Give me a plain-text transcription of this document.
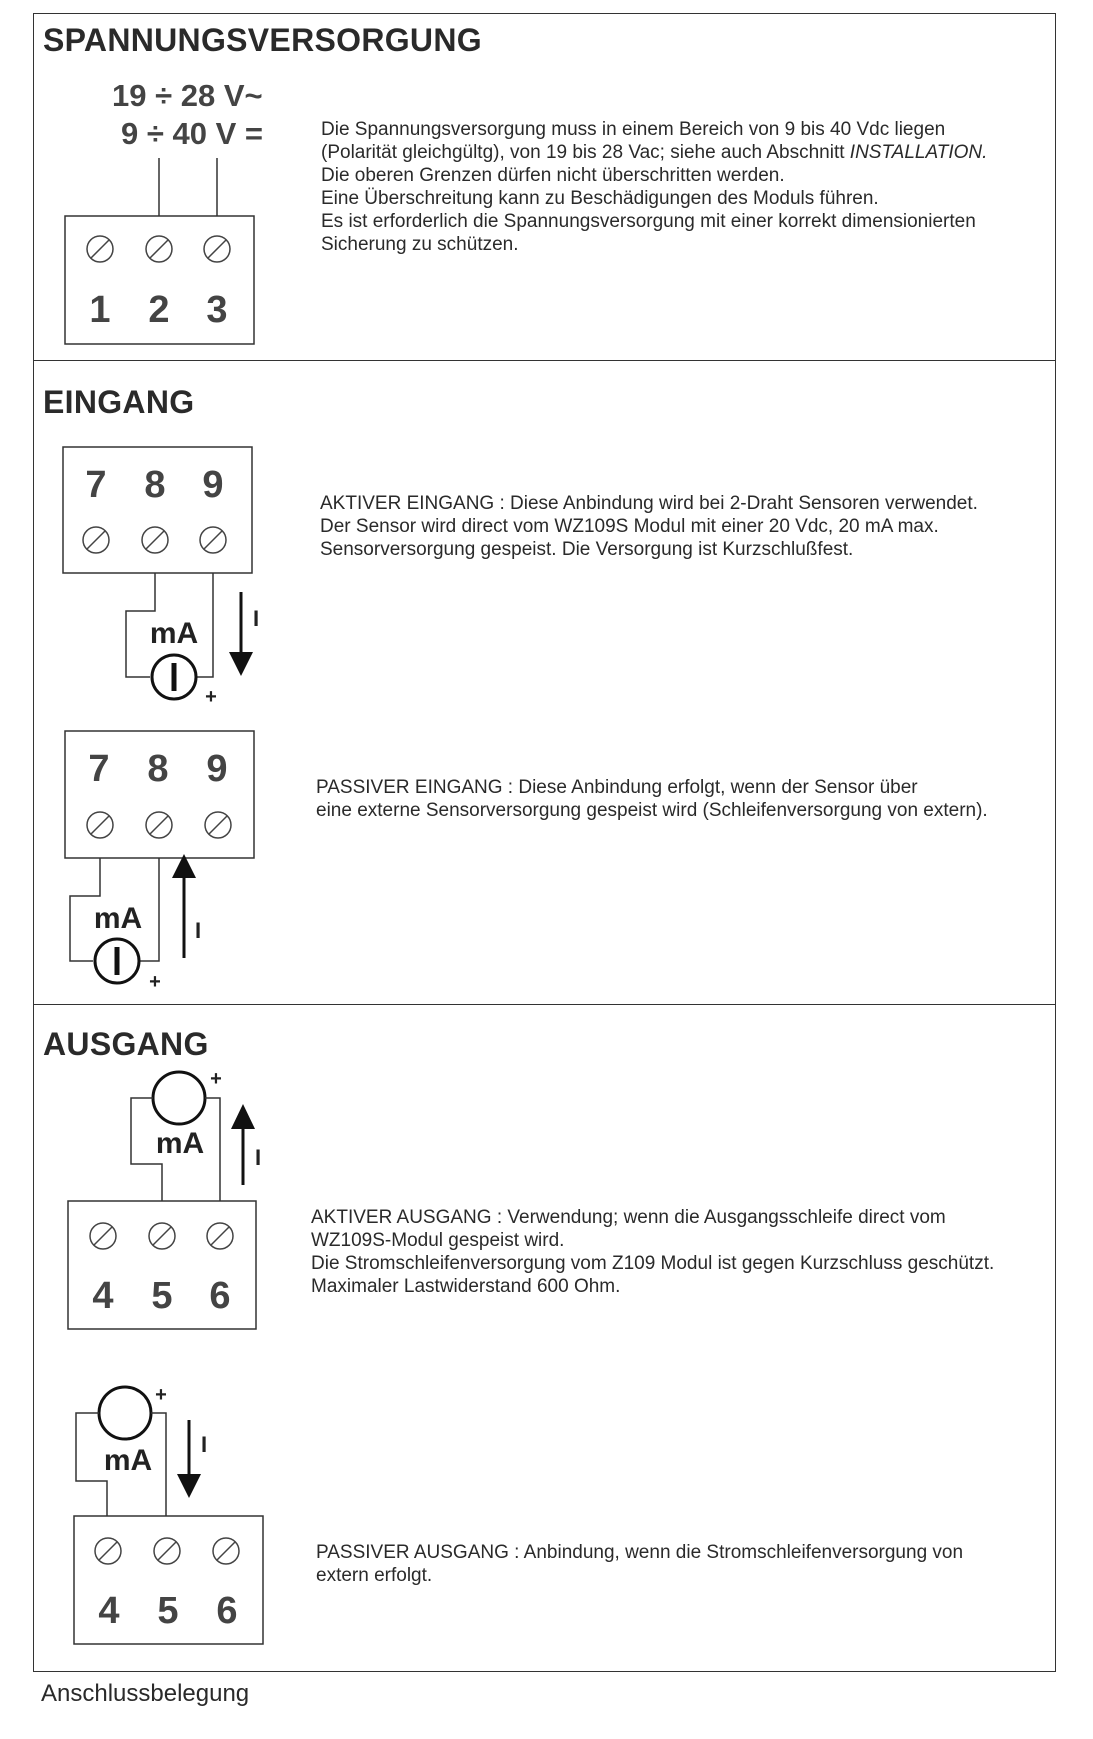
SPANNUNGSVERSORGUNG
EINGANG
AUSGANG
19 ÷ 28 V~
9 ÷ 40 V =
1 2 3
7 8 9
mA
+
I
7 8 9
mA
+
I
+
mA I
4 5 6
+
mA I
4 5 6
Die Spannungsversorgung muss in einem Bereich von 9 bis 40 Vdc liegen
(Polarität gleichgültg), von 19 bis 28 Vac; siehe auch Abschnitt INSTALLATION.
Die oberen Grenzen dürfen nicht überschritten werden.
Eine Überschreitung kann zu Beschädigungen des Moduls führen.
Es ist erforderlich die Spannungsversorgung mit einer korrekt dimensionierten
Sicherung zu schützen.
AKTIVER EINGANG : Diese Anbindung wird bei 2-Draht Sensoren verwendet.
Der Sensor wird direct vom WZ109S Modul mit einer 20 Vdc, 20 mA max.
Sensorversorgung gespeist. Die Versorgung ist Kurzschlußfest.
PASSIVER EINGANG : Diese Anbindung erfolgt, wenn der Sensor über
eine externe Sensorversorgung gespeist wird (Schleifenversorgung von extern).
AKTIVER AUSGANG : Verwendung; wenn die Ausgangsschleife direct vom
WZ109S-Modul gespeist wird.
Die Stromschleifenversorgung vom Z109 Modul ist gegen Kurzschluss geschützt.
Maximaler Lastwiderstand 600 Ohm.
PASSIVER AUSGANG : Anbindung, wenn die Stromschleifenversorgung von
extern erfolgt.
Anschlussbelegung
